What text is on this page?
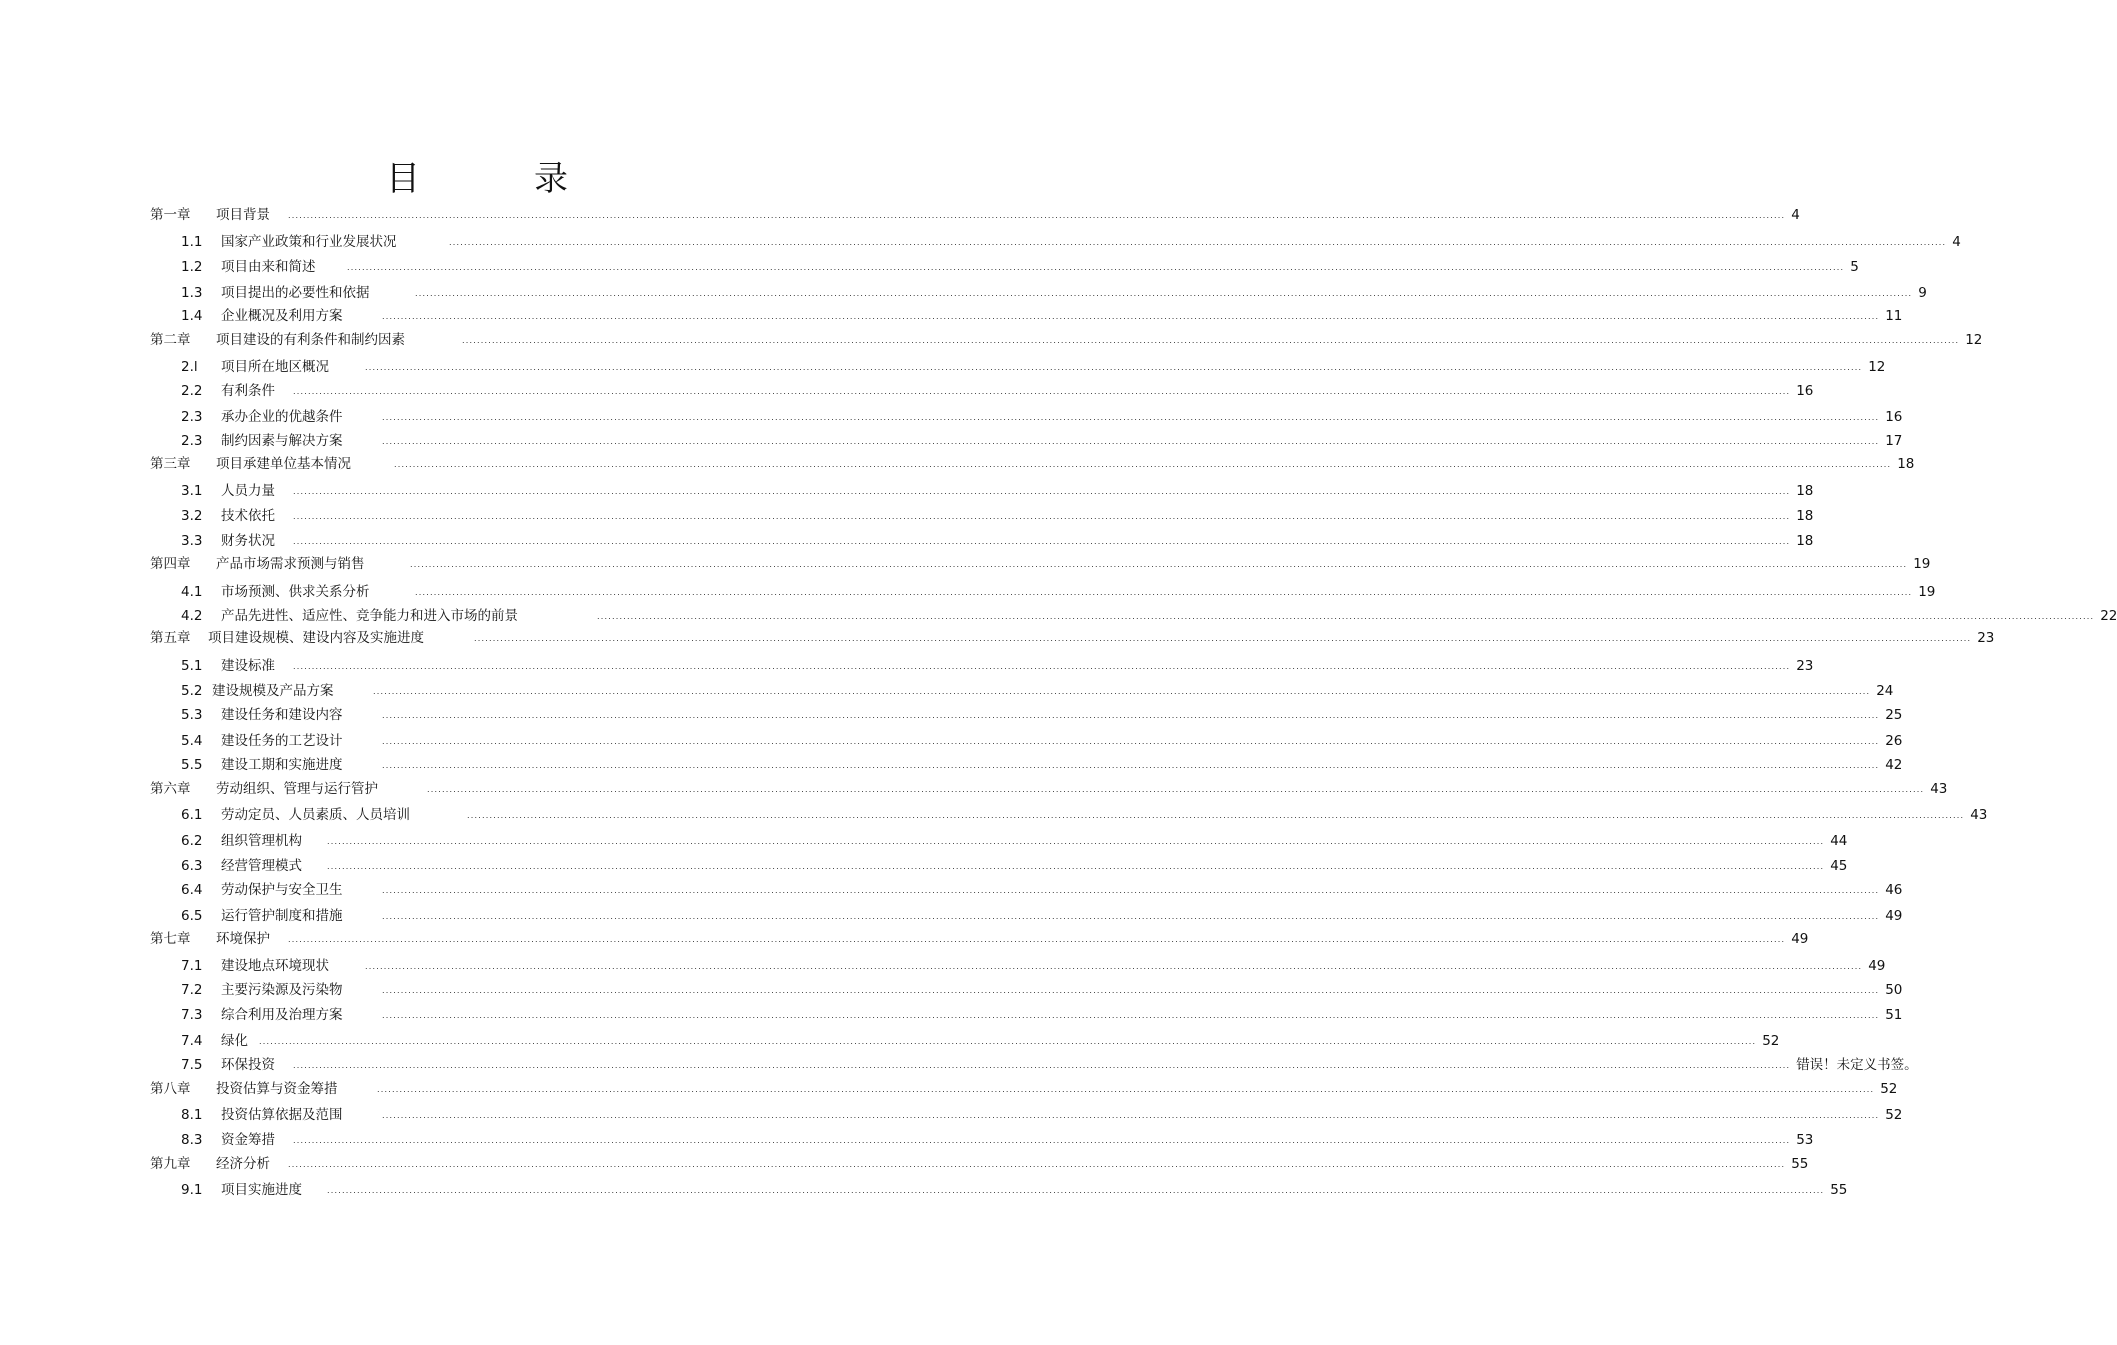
目　录
第一章	项目背景	................................................................................................................................................................................................................................................................................................................................................................................................................ 4
1.1	国家产业政策和行业发展状况	................................................................................................................................................................................................................................................................................................................................................................................................................ 4
1.2	项目由来和简述	................................................................................................................................................................................................................................................................................................................................................................................................................ 5
1.3	项目提出的必要性和依据	................................................................................................................................................................................................................................................................................................................................................................................................................ 9
1.4	企业概况及利用方案	................................................................................................................................................................................................................................................................................................................................................................................................................ 11
第二章	项目建设的有利条件和制约因素	................................................................................................................................................................................................................................................................................................................................................................................................................ 12
2.l	项目所在地区概况	................................................................................................................................................................................................................................................................................................................................................................................................................ 12
2.2	有利条件	................................................................................................................................................................................................................................................................................................................................................................................................................ 16
2.3	承办企业的优越条件	................................................................................................................................................................................................................................................................................................................................................................................................................ 16
2.3	制约因素与解决方案	................................................................................................................................................................................................................................................................................................................................................................................................................ 17
第三章	项目承建单位基本情况	................................................................................................................................................................................................................................................................................................................................................................................................................ 18
3.1	人员力量	................................................................................................................................................................................................................................................................................................................................................................................................................ 18
3.2	技术依托	................................................................................................................................................................................................................................................................................................................................................................................................................ 18
3.3	财务状况	................................................................................................................................................................................................................................................................................................................................................................................................................ 18
第四章	产品市场需求预测与销售	................................................................................................................................................................................................................................................................................................................................................................................................................ 19
4.1	市场预测、供求关系分析	................................................................................................................................................................................................................................................................................................................................................................................................................ 19
4.2	产品先进性、适应性、竞争能力和进入市场的前景	................................................................................................................................................................................................................................................................................................................................................................................................................ 22
第五章	项目建设规模、建设内容及实施进度	................................................................................................................................................................................................................................................................................................................................................................................................................ 23
5.1	建设标准	................................................................................................................................................................................................................................................................................................................................................................................................................ 23
5.2 建设规模及产品方案	................................................................................................................................................................................................................................................................................................................................................................................................................ 24
5.3	建设任务和建设内容	................................................................................................................................................................................................................................................................................................................................................................................................................ 25
5.4	建设任务的工艺设计	................................................................................................................................................................................................................................................................................................................................................................................................................ 26
5.5	建设工期和实施进度	................................................................................................................................................................................................................................................................................................................................................................................................................ 42
第六章	劳动组织、管理与运行管护	................................................................................................................................................................................................................................................................................................................................................................................................................ 43
6.1	劳动定员、人员素质、人员培训	................................................................................................................................................................................................................................................................................................................................................................................................................ 43
6.2	组织管理机构	................................................................................................................................................................................................................................................................................................................................................................................................................ 44
6.3	经营管理模式	................................................................................................................................................................................................................................................................................................................................................................................................................ 45
6.4	劳动保护与安全卫生	................................................................................................................................................................................................................................................................................................................................................................................................................ 46
6.5	运行管护制度和措施	................................................................................................................................................................................................................................................................................................................................................................................................................ 49
第七章	环境保护	................................................................................................................................................................................................................................................................................................................................................................................................................ 49
7.1	建设地点环境现状	................................................................................................................................................................................................................................................................................................................................................................................................................ 49
7.2	主要污染源及污染物	................................................................................................................................................................................................................................................................................................................................................................................................................ 50
7.3	综合利用及治理方案	................................................................................................................................................................................................................................................................................................................................................................................................................ 51
7.4	绿化	................................................................................................................................................................................................................................................................................................................................................................................................................ 52
7.5	环保投资	................................................................................................................................................................................................................................................................................................................................................................................................................ 错误！未定义书签。
第八章	投资估算与资金筹措	................................................................................................................................................................................................................................................................................................................................................................................................................ 52
8.1	投资估算依据及范围	................................................................................................................................................................................................................................................................................................................................................................................................................ 52
8.3	资金筹措	................................................................................................................................................................................................................................................................................................................................................................................................................ 53
第九章	经济分析	................................................................................................................................................................................................................................................................................................................................................................................................................ 55
9.1	项目实施进度	................................................................................................................................................................................................................................................................................................................................................................................................................ 55
